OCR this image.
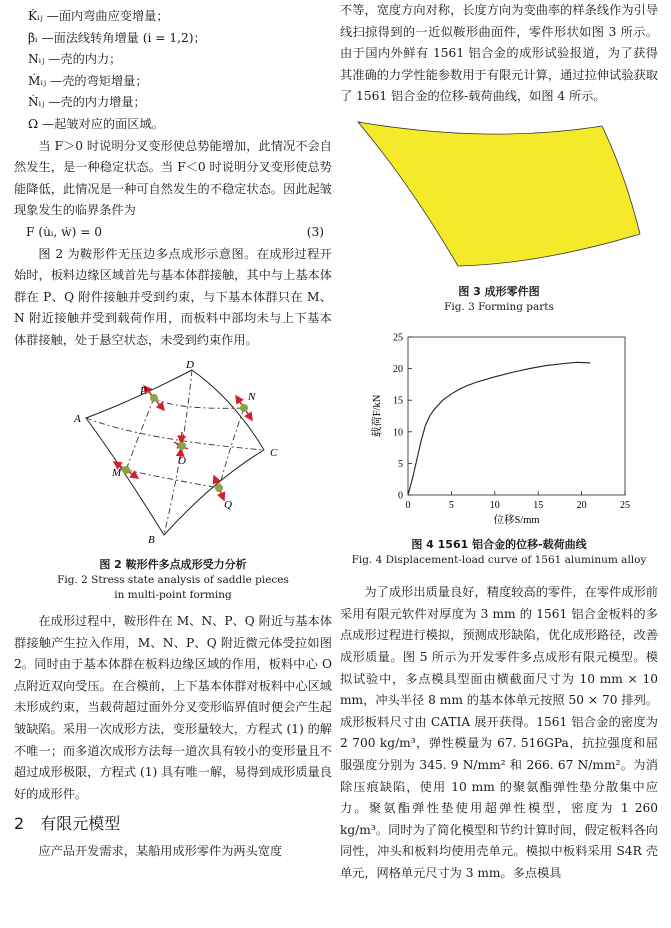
K̇ᵢⱼ —面内弯曲应变增量；

β̇ᵢ —面法线转角增量 (i = 1,2)；

Nᵢⱼ —壳的内力；

Ṁᵢⱼ —壳的弯矩增量；

Ṅᵢⱼ —壳的内力增量；

Ω —起皱对应的面区域。

当 F＞0 时说明分叉变形使总势能增加，此情况不会自然发生，是一种稳定状态。当 F＜0 时说明分叉变形使总势能降低，此情况是一种可自然发生的不稳定状态。因此起皱现象发生的临界条件为

F (u̇ᵢ, ẇ) = 0	(3)

图 2 为鞍形件无压边多点成形示意图。在成形过程开始时，板料边缘区域首先与基本体群接触，其中与上基本体群在 P、Q 附件接触并受到约束，与下基本体群只在 M、N 附近接触并受到载荷作用，而板料中部均未与上下基本体群接触，处于悬空状态，未受到约束作用。

A
B
C
D
M
N
O
P
Q
图 2 鞍形件多点成形受力分析
Fig. 2 Stress state analysis of saddle pieces
in multi-point forming

在成形过程中，鞍形件在 M、N、P、Q 附近与基本体群接触产生拉入作用，M、N、P、Q 附近微元体受拉如图 2。同时由于基本体群在板料边缘区域的作用，板料中心 O 点附近双向受压。在合模前，上下基本体群对板料中心区域未形成约束，当载荷超过面外分叉变形临界值时便会产生起皱缺陷。采用一次成形方法，变形量较大，方程式 (1) 的解不唯一；而多道次成形方法每一道次具有较小的变形量且不超过成形极限，方程式 (1) 具有唯一解，易得到成形质量良好的成形件。

2 有限元模型

应产品开发需求，某船用成形零件为两头宽度

不等，宽度方向对称，长度方向为变曲率的样条线作为引导线扫掠得到的一近似鞍形曲面件，零件形状如图 3 所示。由于国内外鲜有 1561 铝合金的成形试验报道，为了获得其准确的力学性能参数用于有限元计算，通过拉伸试验获取了 1561 铝合金的位移-载荷曲线，如图 4 所示。

图 3 成形零件图
Fig. 3 Forming parts
0	5	10	15	20	25
0
5
10
15
20
25
位移S/mm
载荷F/kN
图 4 1561 铝合金的位移-载荷曲线
Fig. 4 Displacement-load curve of 1561 aluminum alloy

为了成形出质量良好，精度较高的零件，在零件成形前采用有限元软件对厚度为 3 mm 的 1561 铝合金板料的多点成形过程进行模拟，预测成形缺陷，优化成形路径，改善成形质量。图 5 所示为开发零件多点成形有限元模型。模拟试验中，多点模具型面由横截面尺寸为 10 mm × 10 mm，冲头半径 8 mm 的基本体单元按照 50 × 70 排列。成形板料尺寸由 CATIA 展开获得。1561 铝合金的密度为 2 700 kg/m³，弹性模量为 67. 516GPa，抗拉强度和屈服强度分别为 345. 9 N/mm² 和 266. 67 N/mm²。为消除压痕缺陷，使用 10 mm 的聚氨酯弹性垫分散集中应力。聚氨酯弹性垫使用超弹性模型，密度为 1 260 kg/m³。同时为了简化模型和节约计算时间，假定板料各向同性，冲头和板料均使用壳单元。模拟中板料采用 S4R 壳单元，网格单元尺寸为 3 mm。多点模具
